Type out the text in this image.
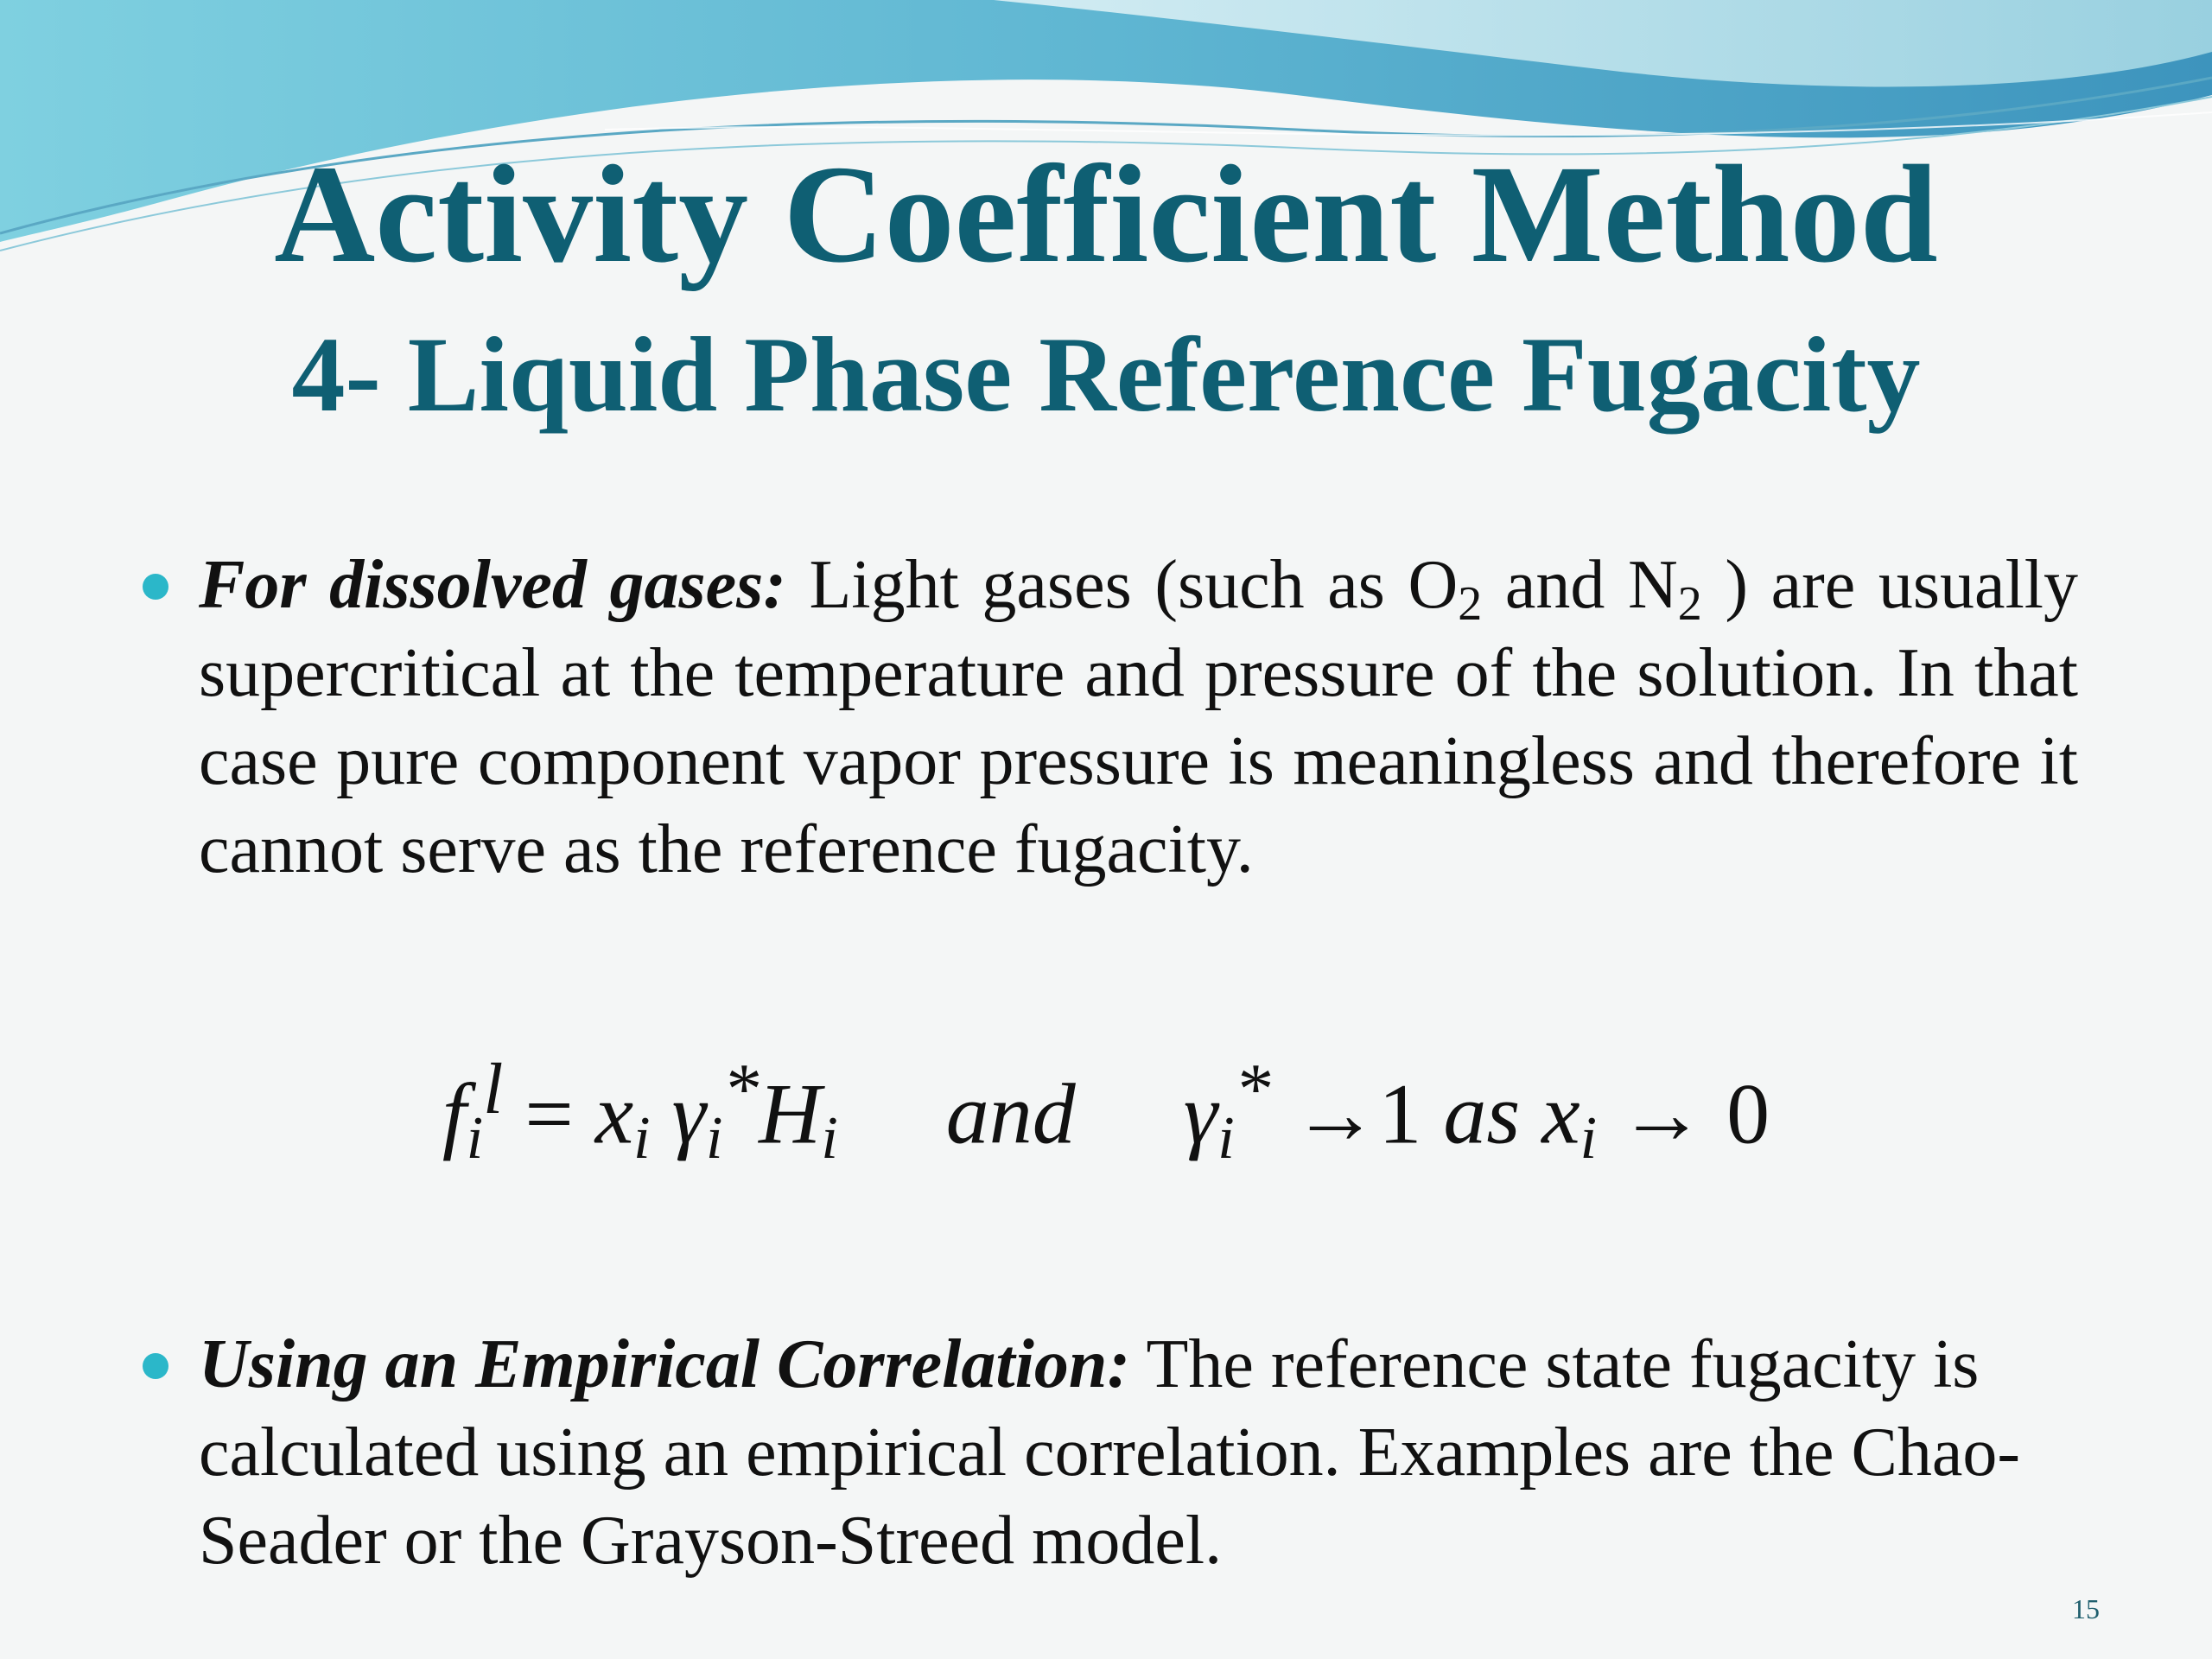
Activity Coefficient Method
4- Liquid Phase Reference Fugacity
For dissolved gases: Light gases (such as $O_2$ and $N_2$ ) are usually supercritical at the temperature and pressure of the solution. In that case pure component vapor pressure is meaningless and therefore it cannot serve as the reference fugacity.
$f_i^l = x_i$ $\gamma_i^*H_i$ and $\gamma_i^* \to 1$ as $x_i \to 0$
Using an Empirical Correlation: The reference state fugacity is calculated using an empirical correlation. Examples are the Chao-Seader or the Grayson-Streed model.
15
